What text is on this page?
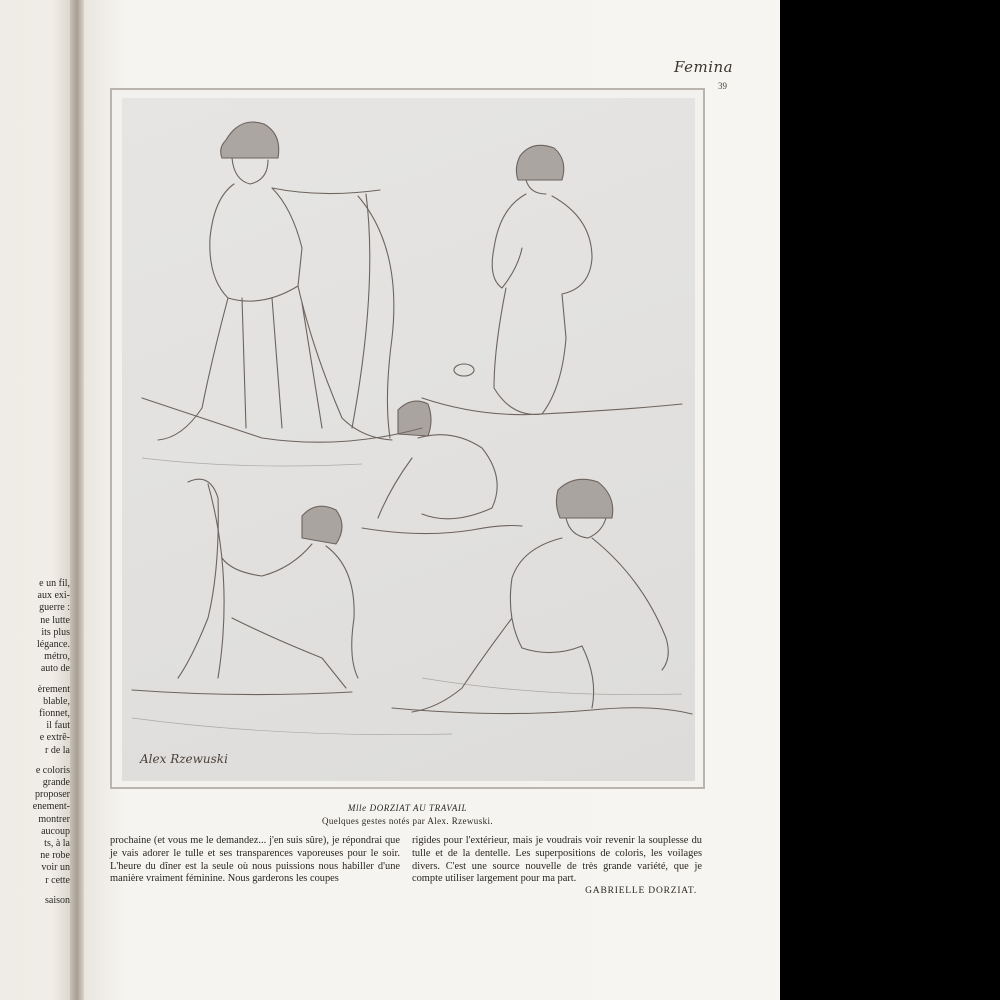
e un fil,
aux exi-
guerre :
ne lutte
its plus
légance.
métro,
auto de
èrement
blable,
fionnet,
il faut
e extrê-
r de la
e coloris
grande
proposer
enement-
montrer
aucoup
ts, à la
ne robe
voir un
r cette
saison
Femina
39
Alex Rzewuski
Mlle DORZIAT AU TRAVAIL
Quelques gestes notés par Alex. Rzewuski.
prochaine (et vous me le demandez... j'en suis sûre), je répondrai que je vais adorer le tulle et ses transparences vaporeuses pour le soir. L'heure du dîner est la seule où nous puissions nous habiller d'une manière vraiment féminine. Nous garderons les coupes
rigides pour l'extérieur, mais je voudrais voir revenir la souplesse du tulle et de la dentelle. Les superpositions de coloris, les voilages divers. C'est une source nouvelle de très grande variété, que je compte utiliser largement pour ma part.
GABRIELLE DORZIAT.
